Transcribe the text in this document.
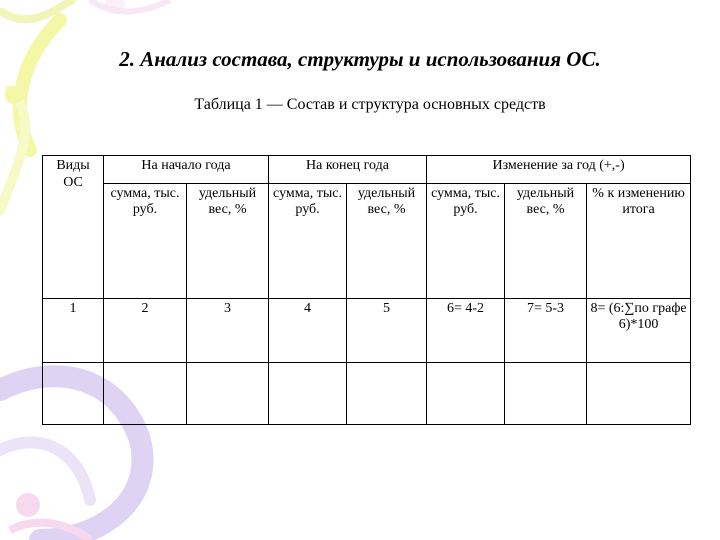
2. Анализ состава, структуры и использования ОС.
Таблица 1 — Состав и структура основных средств
Виды ОС	На начало года		На конец года		Изменение за год (+,-)		
	сумма, тыс. руб.	удельный вес, %	сумма, тыс. руб.	удельный вес, %	сумма, тыс. руб.	удельный вес, %	% к изменению итога
1	2	3	4	5	6= 4-2	7= 5-3	8= (6:∑по графе 6)*100
